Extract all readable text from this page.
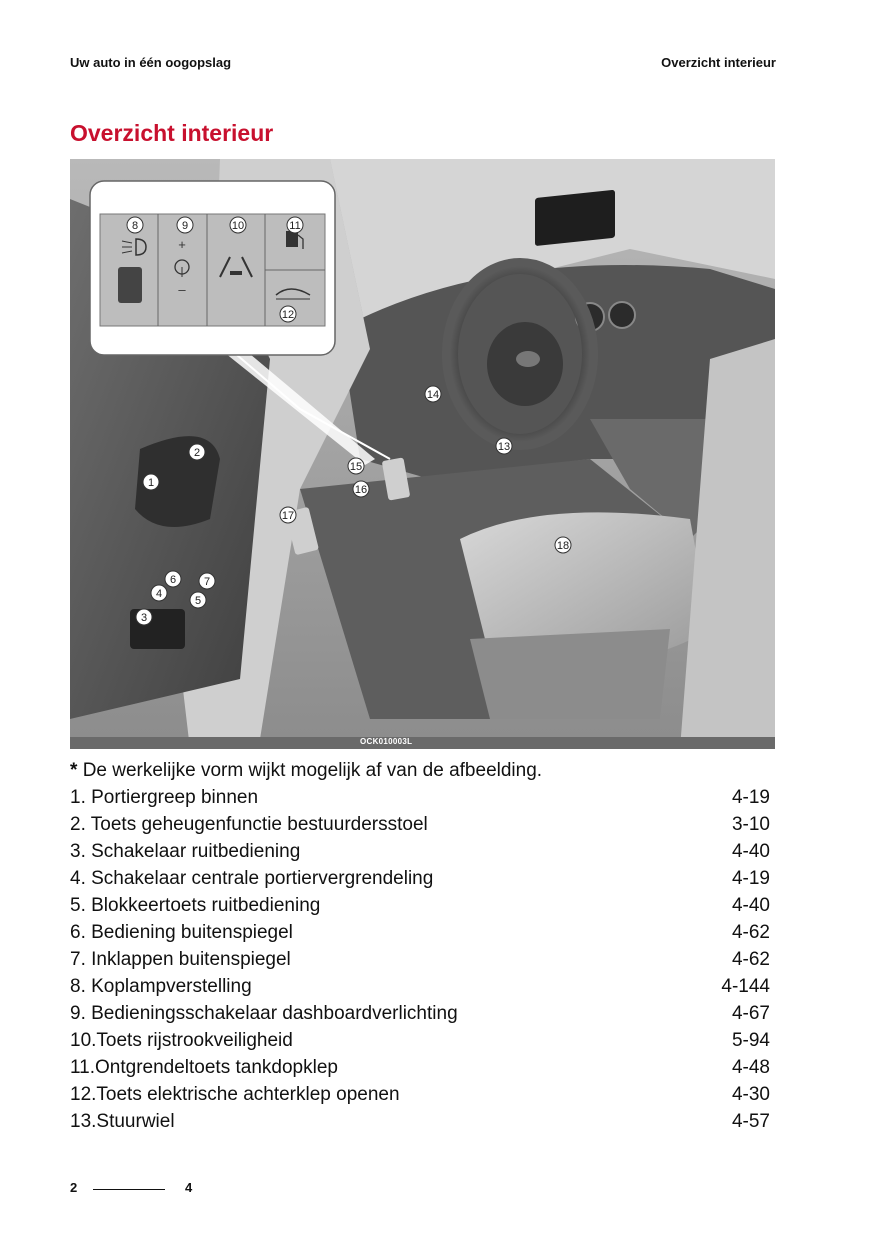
Uw auto in één oogopslag	Overzicht interieur
Overzicht interieur
+
–
1
2
3
4
5
6	7
8	9	10	11
12
13
14
15
16
17
18
OCK010003L
* De werkelijke vorm wijkt mogelijk af van de afbeelding.
1. Portiergreep binnen	4-19
2. Toets geheugenfunctie bestuurdersstoel	3-10
3. Schakelaar ruitbediening	4-40
4. Schakelaar centrale portiervergrendeling	4-19
5. Blokkeertoets ruitbediening	4-40
6. Bediening buitenspiegel	4-62
7. Inklappen buitenspiegel	4-62
8. Koplampverstelling	4-144
9. Bedieningsschakelaar dashboardverlichting	4-67
10.Toets rijstrookveiligheid	5-94
11.Ontgrendeltoets tankdopklep	4-48
12.Toets elektrische achterklep openen	4-30
13.Stuurwiel	4-57
2	4
